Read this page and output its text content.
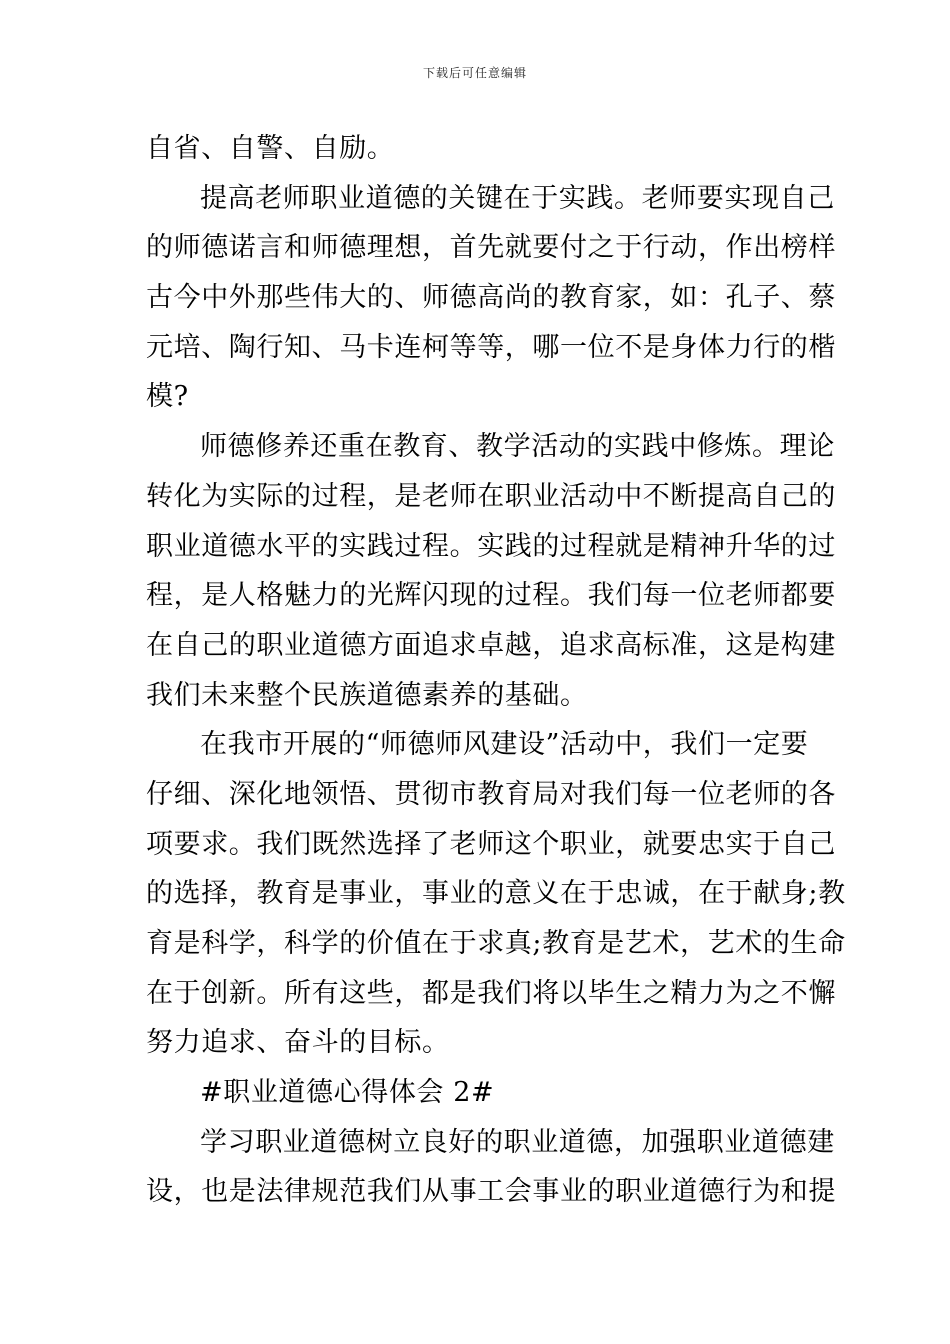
下载后可任意编辑
自省、自警、自励。
提高老师职业道德的关键在于实践。老师要实现自己
的师德诺言和师德理想，首先就要付之于行动，作出榜样
古今中外那些伟大的、师德高尚的教育家，如：孔子、蔡
元培、陶行知、马卡连柯等等，哪一位不是身体力行的楷
模?
师德修养还重在教育、教学活动的实践中修炼。理论
转化为实际的过程，是老师在职业活动中不断提高自己的
职业道德水平的实践过程。实践的过程就是精神升华的过
程，是人格魅力的光辉闪现的过程。我们每一位老师都要
在自己的职业道德方面追求卓越，追求高标准，这是构建
我们未来整个民族道德素养的基础。
在我市开展的“师德师风建设”活动中，我们一定要
仔细、深化地领悟、贯彻市教育局对我们每一位老师的各
项要求。我们既然选择了老师这个职业，就要忠实于自己
的选择，教育是事业，事业的意义在于忠诚，在于献身;教
育是科学，科学的价值在于求真;教育是艺术，艺术的生命
在于创新。所有这些，都是我们将以毕生之精力为之不懈
努力追求、奋斗的目标。
#职业道德心得体会 2#
学习职业道德树立良好的职业道德，加强职业道德建
设，也是法律规范我们从事工会事业的职业道德行为和提
